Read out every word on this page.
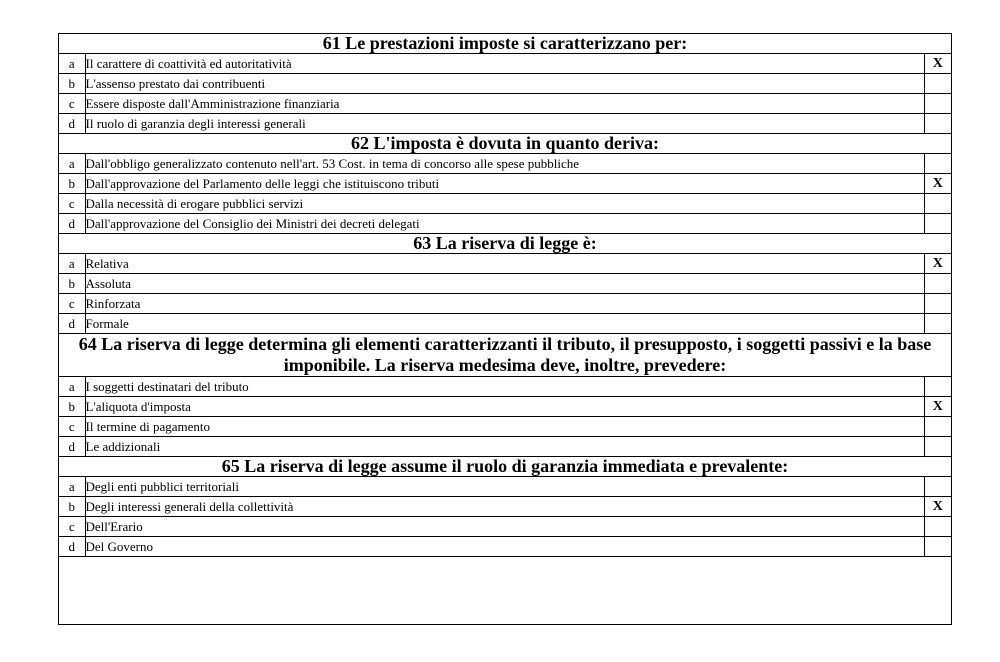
61 Le prestazioni imposte si caratterizzano per:		
a	Il carattere di coattività ed autoritatività	X
b	L'assenso prestato dai contribuenti	
c	Essere disposte dall'Amministrazione finanziaria	
d	Il ruolo di garanzia degli interessi generali	
62 L'imposta è dovuta in quanto deriva:		
a	Dall'obbligo generalizzato contenuto nell'art. 53 Cost. in tema di concorso alle spese pubbliche	
b	Dall'approvazione del Parlamento delle leggi che istituiscono tributi	X
c	Dalla necessità di erogare pubblici servizi	
d	Dall'approvazione del Consiglio dei Ministri dei decreti delegati	
63 La riserva di legge è:		
a	Relativa	X
b	Assoluta	
c	Rinforzata	
d	Formale	
64 La riserva di legge determina gli elementi caratterizzanti il tributo, il presupposto, i soggetti passivi e la base imponibile. La riserva medesima deve, inoltre, prevedere:		
a	I soggetti destinatari del tributo	
b	L'aliquota d'imposta	X
c	Il termine di pagamento	
d	Le addizionali	
65 La riserva di legge assume il ruolo di garanzia immediata e prevalente:		
a	Degli enti pubblici territoriali	
b	Degli interessi generali della collettività	X
c	Dell'Erario	
d	Del Governo	
